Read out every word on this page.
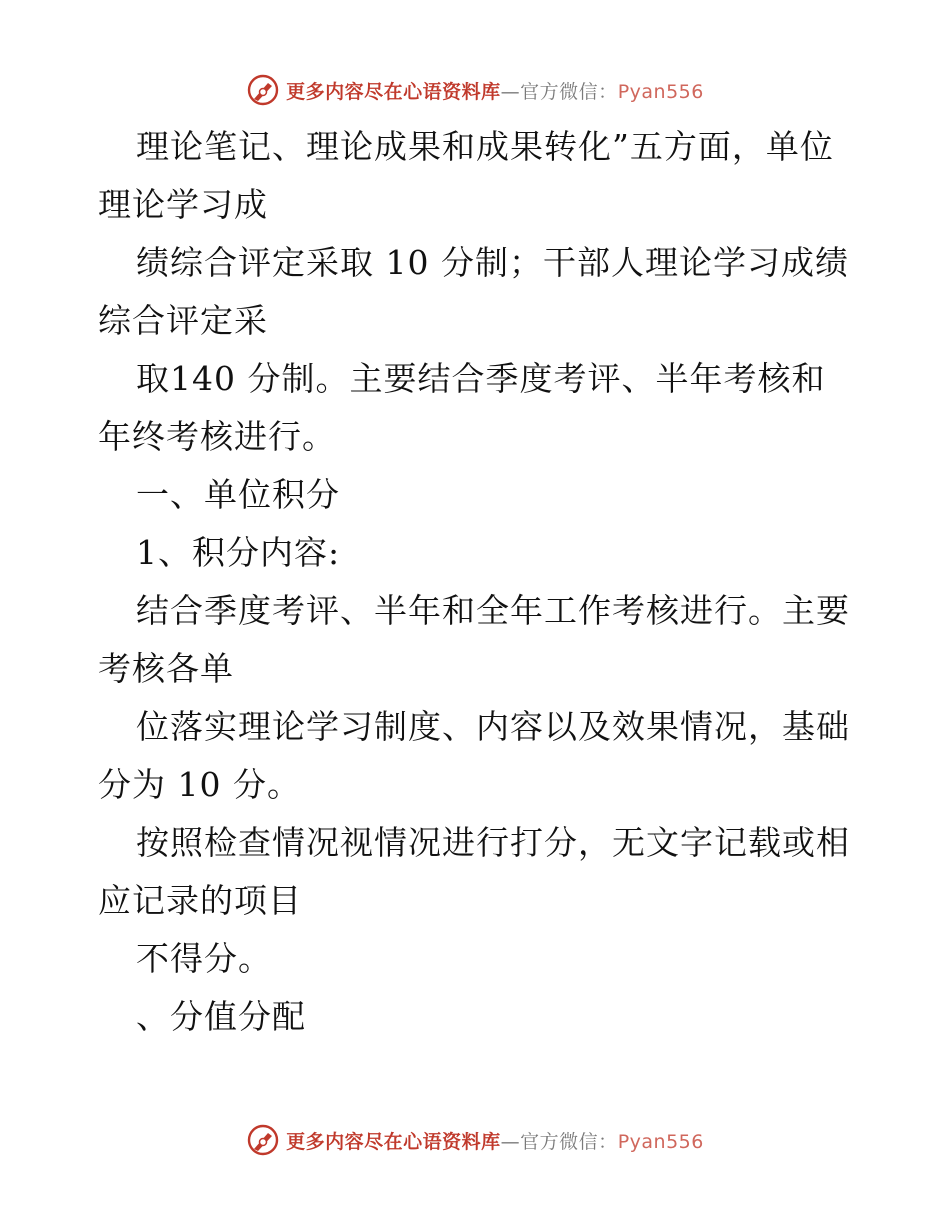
更多内容尽在心语资料库—官方微信：Pyan556
理论笔记、理论成果和成果转化”五方面，单位
理论学习成
绩综合评定采取 10 分制；干部人理论学习成绩
综合评定采
取140 分制。主要结合季度考评、半年考核和
年终考核进行。
一、单位积分
1、积分内容:
结合季度考评、半年和全年工作考核进行。主要
考核各单
位落实理论学习制度、内容以及效果情况，基础
分为 10 分。
按照检查情况视情况进行打分，无文字记载或相
应记录的项目
不得分。
、分值分配
更多内容尽在心语资料库—官方微信：Pyan556
